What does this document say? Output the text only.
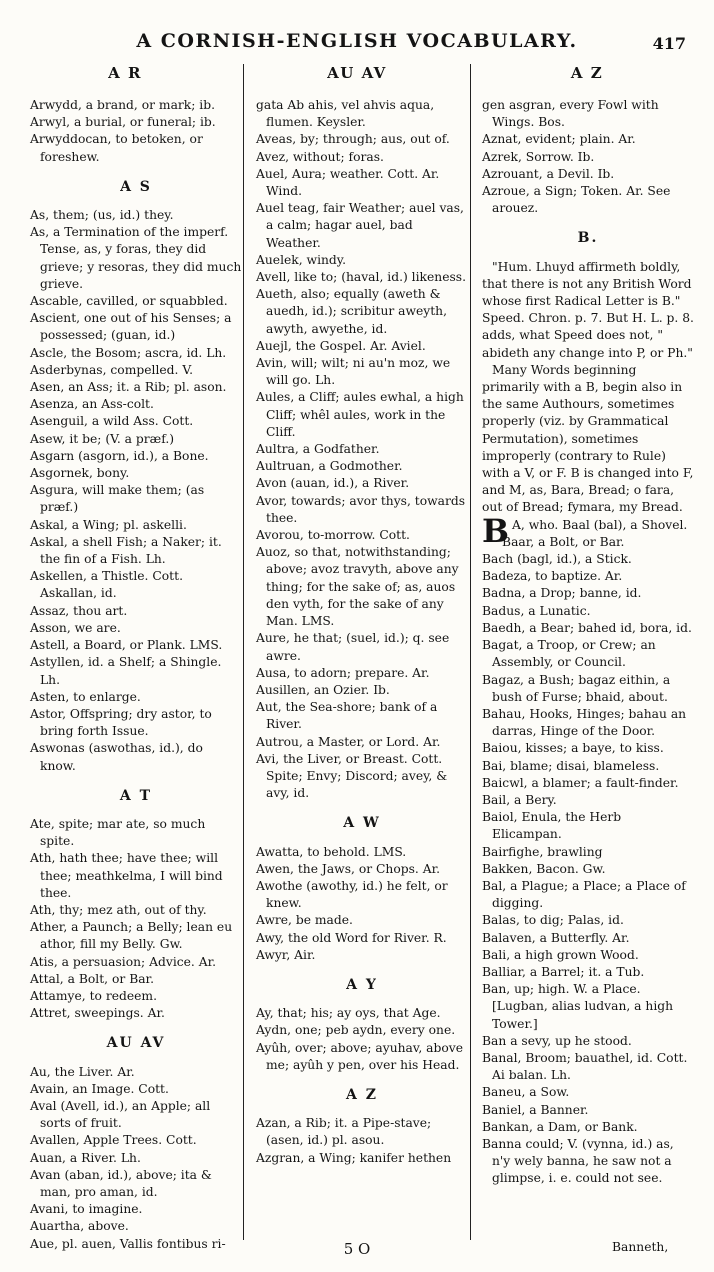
A CORNISH-ENGLISH VOCABULARY.	417
A R	AU AV	A Z

Arwydd, a brand, or mark; ib.

Arwyl, a burial, or funeral; ib.

Arwyddocan, to betoken, or foreshew.

A S

As, them; (us, id.) they.

As, a Termination of the imperf. Tense, as, y foras, they did grieve; y resoras, they did much grieve.

Ascable, cavilled, or squabbled.

Ascient, one out of his Senses; a possessed; (guan, id.)

Ascle, the Bosom; ascra, id. Lh.

Asderbynas, compelled. V.

Asen, an Ass; it. a Rib; pl. ason.

Asenza, an Ass-colt.

Asenguil, a wild Ass. Cott.

Asew, it be; (V. a præf.)

Asgarn (asgorn, id.), a Bone.

Asgornek, bony.

Asgura, will make them; (as præf.)

Askal, a Wing; pl. askelli.

Askal, a shell Fish; a Naker; it. the fin of a Fish. Lh.

Askellen, a Thistle. Cott. Askallan, id.

Assaz, thou art.

Asson, we are.

Astell, a Board, or Plank. LMS.

Astyllen, id. a Shelf; a Shingle. Lh.

Asten, to enlarge.

Astor, Offspring; dry astor, to bring forth Issue.

Aswonas (aswothas, id.), do know.

A T

Ate, spite; mar ate, so much spite.

Ath, hath thee; have thee; will thee; meathkelma, I will bind thee.

Ath, thy; mez ath, out of thy.

Ather, a Paunch; a Belly; lean eu athor, fill my Belly. Gw.

Atis, a persuasion; Advice. Ar.

Attal, a Bolt, or Bar.

Attamye, to redeem.

Attret, sweepings. Ar.

AU AV

Au, the Liver. Ar.

Avain, an Image. Cott.

Aval (Avell, id.), an Apple; all sorts of fruit.

Avallen, Apple Trees. Cott.

Auan, a River. Lh.

Avan (aban, id.), above; ita & man, pro aman, id.

Avani, to imagine.

Auartha, above.

Aue, pl. auen, Vallis fontibus ri-

gata Ab ahis, vel ahvis aqua, flumen. Keysler.

Aveas, by; through; aus, out of.

Avez, without; foras.

Auel, Aura; weather. Cott. Ar. Wind.

Auel teag, fair Weather; auel vas, a calm; hagar auel, bad Weather.

Auelek, windy.

Avell, like to; (haval, id.) likeness.

Aueth, also; equally (aweth & auedh, id.); scribitur aweyth, awyth, awyethe, id.

Auejl, the Gospel. Ar. Aviel.

Avin, will; wilt; ni au'n moz, we will go. Lh.

Aules, a Cliff; aules ewhal, a high Cliff; whêl aules, work in the Cliff.

Aultra, a Godfather.

Aultruan, a Godmother.

Avon (auan, id.), a River.

Avor, towards; avor thys, towards thee.

Avorou, to-morrow. Cott.

Auoz, so that, notwithstanding; above; avoz travyth, above any thing; for the sake of; as, auos den vyth, for the sake of any Man. LMS.

Aure, he that; (suel, id.); q. see awre.

Ausa, to adorn; prepare. Ar.

Ausillen, an Ozier. Ib.

Aut, the Sea-shore; bank of a River.

Autrou, a Master, or Lord. Ar.

Avi, the Liver, or Breast. Cott. Spite; Envy; Discord; avey, & avy, id.

A W

Awatta, to behold. LMS.

Awen, the Jaws, or Chops. Ar.

Awothe (awothy, id.) he felt, or knew.

Awre, be made.

Awy, the old Word for River. R.

Awyr, Air.

A Y

Ay, that; his; ay oys, that Age.

Aydn, one; peb aydn, every one.

Ayûh, over; above; ayuhav, above me; ayûh y pen, over his Head.

A Z

Azan, a Rib; it. a Pipe-stave; (asen, id.) pl. asou.

Azgran, a Wing; kanifer hethen

gen asgran, every Fowl with Wings. Bos.

Aznat, evident; plain. Ar.

Azrek, Sorrow. Ib.

Azrouant, a Devil. Ib.

Azroue, a Sign; Token. Ar. See arouez.

B.

"Hum. Lhuyd affirmeth boldly, that there is not any British Word whose first Radical Letter is B." Speed. Chron. p. 7. But H. L. p. 8. adds, what Speed does not, " abideth any change into P, or Ph."

Many Words beginning primarily with a B, begin also in the same Authours, sometimes properly (viz. by Grammatical Permutation), sometimes improperly (contrary to Rule) with a V, or F. B is changed into F, and M, as, Bara, Bread; o fara, out of Bread; fymara, my Bread.

B A, who. Baal (bal), a Shovel.

Baar, a Bolt, or Bar.

Bach (bagl, id.), a Stick.

Badeza, to baptize. Ar.

Badna, a Drop; banne, id.

Badus, a Lunatic.

Baedh, a Bear; bahed id, bora, id.

Bagat, a Troop, or Crew; an Assembly, or Council.

Bagaz, a Bush; bagaz eithin, a bush of Furse; bhaid, about.

Bahau, Hooks, Hinges; bahau an darras, Hinge of the Door.

Baiou, kisses; a baye, to kiss.

Bai, blame; disai, blameless.

Baicwl, a blamer; a fault-finder.

Bail, a Bery.

Baiol, Enula, the Herb Elicampan.

Bairfighe, brawling

Bakken, Bacon. Gw.

Bal, a Plague; a Place; a Place of digging.

Balas, to dig; Palas, id.

Balaven, a Butterfly. Ar.

Bali, a high grown Wood.

Balliar, a Barrel; it. a Tub.

Ban, up; high. W. a Place. [Lugban, alias ludvan, a high Tower.]

Ban a sevy, up he stood.

Banal, Broom; bauathel, id. Cott. Ai balan. Lh.

Baneu, a Sow.

Baniel, a Banner.

Bankan, a Dam, or Bank.

Banna could; V. (vynna, id.) as, n'y wely banna, he saw not a glimpse, i. e. could not see.

5 O	Banneth,
